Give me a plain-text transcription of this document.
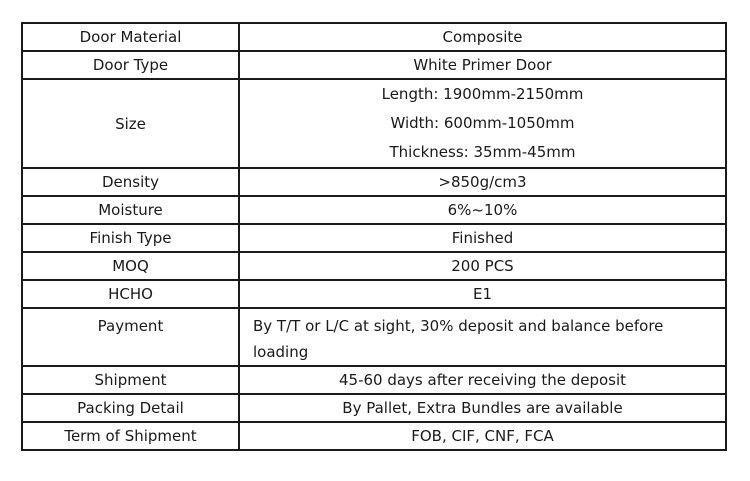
Door Material	Composite
Door Type	White Primer Door
Size	Length: 1900mm-2150mm
Width: 600mm-1050mm
Thickness: 35mm-45mm

Density	>850g/cm3
Moisture	6%~10%
Finish Type	Finished
MOQ	200 PCS
HCHO	E1
Payment	By T/T or L/C at sight, 30% deposit and balance before loading
Shipment	45-60 days after receiving the deposit
Packing Detail	By Pallet, Extra Bundles are available
Term of Shipment	FOB, CIF, CNF, FCA
